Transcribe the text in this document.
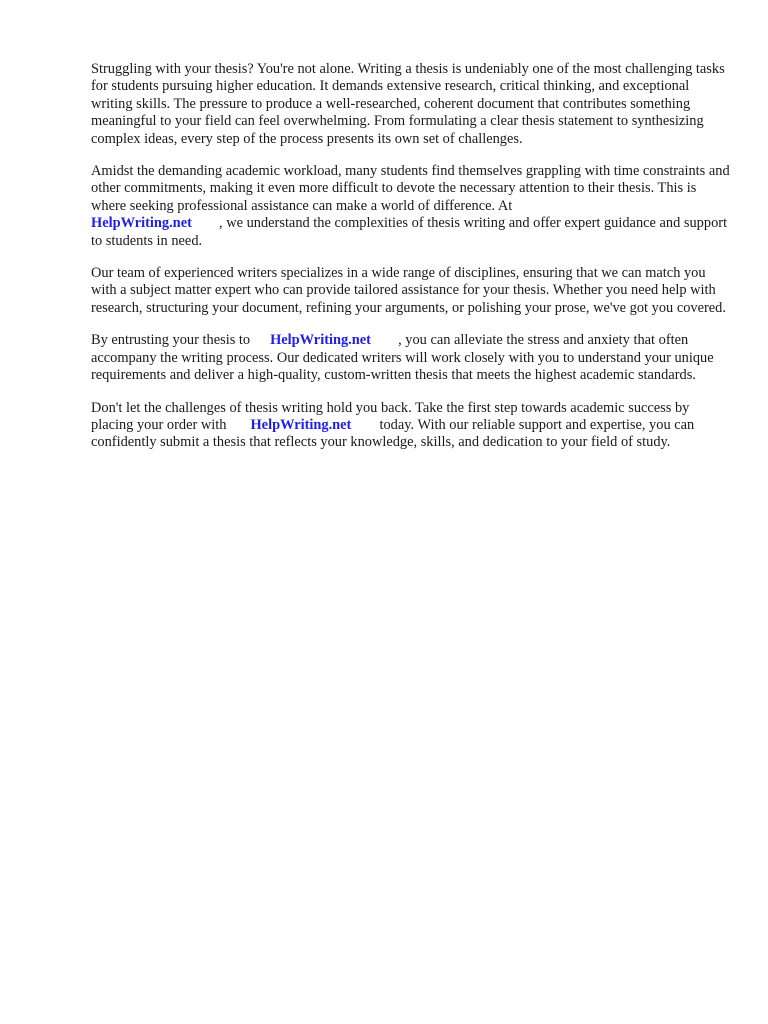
Struggling with your thesis? You're not alone. Writing a thesis is undeniably one of the most challenging tasks for students pursuing higher education. It demands extensive research, critical thinking, and exceptional writing skills. The pressure to produce a well-researched, coherent document that contributes something meaningful to your field can feel overwhelming. From formulating a clear thesis statement to synthesizing complex ideas, every step of the process presents its own set of challenges.

Amidst the demanding academic workload, many students find themselves grappling with time constraints and other commitments, making it even more difficult to devote the necessary attention to their thesis. This is where seeking professional assistance can make a world of difference. At
HelpWriting.net , we understand the complexities of thesis writing and offer expert guidance and support to students in need.

Our team of experienced writers specializes in a wide range of disciplines, ensuring that we can match you with a subject matter expert who can provide tailored assistance for your thesis. Whether you need help with research, structuring your document, refining your arguments, or polishing your prose, we've got you covered.

By entrusting your thesis to HelpWriting.net , you can alleviate the stress and anxiety that often accompany the writing process. Our dedicated writers will work closely with you to understand your unique requirements and deliver a high-quality, custom-written thesis that meets the highest academic standards.

Don't let the challenges of thesis writing hold you back. Take the first step towards academic success by placing your order with HelpWriting.net today. With our reliable support and expertise, you can confidently submit a thesis that reflects your knowledge, skills, and dedication to your field of study.
